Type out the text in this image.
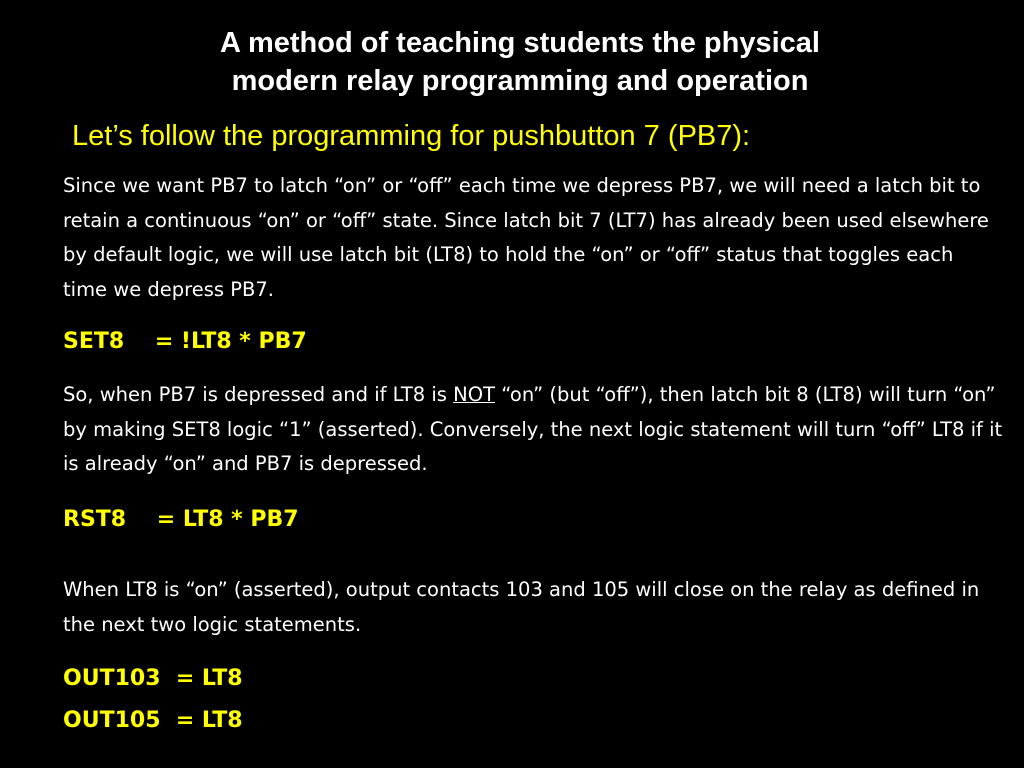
A method of teaching students the physical
modern relay programming and operation
Let’s follow the programming for pushbutton 7 (PB7):
Since we want PB7 to latch “on” or “off” each time we depress PB7, we will need a latch bit to retain a continuous “on” or “off” state. Since latch bit 7 (LT7) has already been used elsewhere by default logic, we will use latch bit (LT8) to hold the “on” or “off” status that toggles each time we depress PB7.
SET8    = !LT8 * PB7
So, when PB7 is depressed and if LT8 is NOT “on” (but “off”), then latch bit 8 (LT8) will turn “on” by making SET8 logic “1” (asserted). Conversely, the next logic statement will turn “off” LT8 if it is already “on” and PB7 is depressed.
RST8    = LT8 * PB7
When LT8 is “on” (asserted), output contacts 103 and 105 will close on the relay as defined in the next two logic statements.
OUT103  = LT8
OUT105  = LT8
